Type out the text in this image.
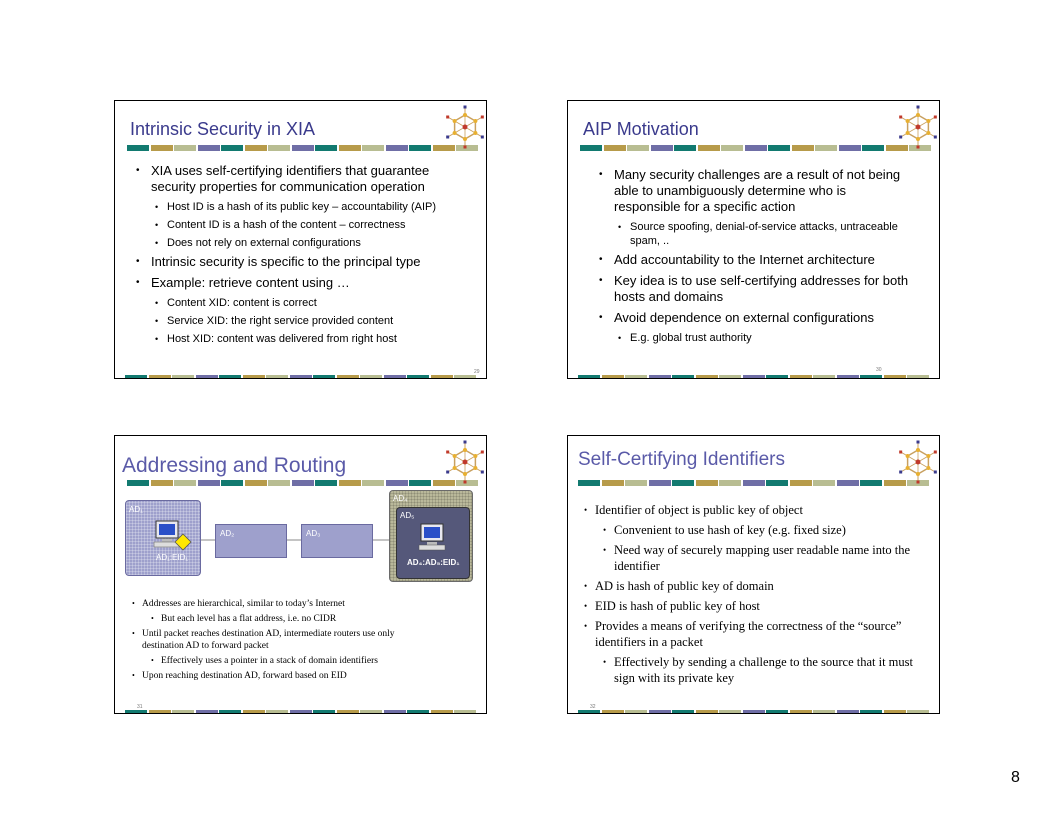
Intrinsic Security in XIA
• XIA uses self-certifying identifiers that guarantee security properties for communication operation
• Host ID is a hash of its public key – accountability (AIP)
• Content ID is a hash of the content – correctness
• Does not rely on external configurations
• Intrinsic security is specific to the principal type
• Example: retrieve content using …
• Content XID: content is correct
• Service XID: the right service provided content
• Host XID: content was delivered from right host
29
AIP Motivation
• Many security challenges are a result of not being able to unambiguously determine who is responsible for a specific action
• Source spoofing, denial-of-service attacks, untraceable spam, ..
• Add accountability to the Internet architecture
• Key idea is to use self-certifying addresses for both hosts and domains
• Avoid dependence on external configurations
• E.g. global trust authority
30
Addressing and Routing
AD₁
AD₁:EID₁
AD₂	AD₃
AD₄
AD₅
AD₄:AD₅:EID₁
• Addresses are hierarchical, similar to today’s Internet
• But each level has a flat address, i.e. no CIDR
• Until packet reaches destination AD, intermediate routers use only destination AD to forward packet
• Effectively uses a pointer in a stack of domain identifiers
• Upon reaching destination AD, forward based on EID
31
Self-Certifying Identifiers
• Identifier of object is public key of object
• Convenient to use hash of key (e.g. fixed size)
• Need way of securely mapping user readable name into the identifier
• AD is hash of public key of domain
• EID is hash of public key of host
• Provides a means of verifying the correctness of the “source” identifiers in a packet
• Effectively by sending a challenge to the source that it must sign with its private key
32
8
